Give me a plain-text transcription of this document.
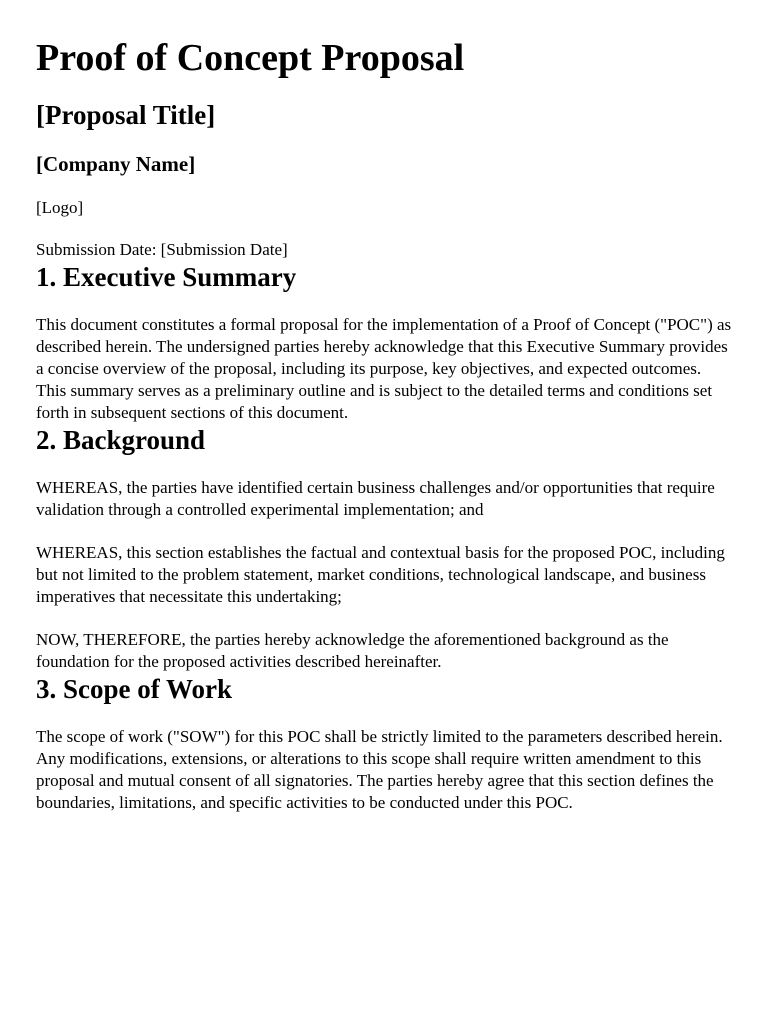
Proof of Concept Proposal
[Proposal Title]
[Company Name]

[Logo]

Submission Date: [Submission Date]

1. Executive Summary

This document constitutes a formal proposal for the implementation of a Proof of Concept ("POC") as described herein. The undersigned parties hereby acknowledge that this Executive Summary provides a concise overview of the proposal, including its purpose, key objectives, and expected outcomes. This summary serves as a preliminary outline and is subject to the detailed terms and conditions set forth in subsequent sections of this document.

2. Background

WHEREAS, the parties have identified certain business challenges and/or opportunities that require validation through a controlled experimental implementation; and

WHEREAS, this section establishes the factual and contextual basis for the proposed POC, including but not limited to the problem statement, market conditions, technological landscape, and business imperatives that necessitate this undertaking;

NOW, THEREFORE, the parties hereby acknowledge the aforementioned background as the foundation for the proposed activities described hereinafter.

3. Scope of Work

The scope of work ("SOW") for this POC shall be strictly limited to the parameters described herein. Any modifications, extensions, or alterations to this scope shall require written amendment to this proposal and mutual consent of all signatories. The parties hereby agree that this section defines the boundaries, limitations, and specific activities to be conducted under this POC.
